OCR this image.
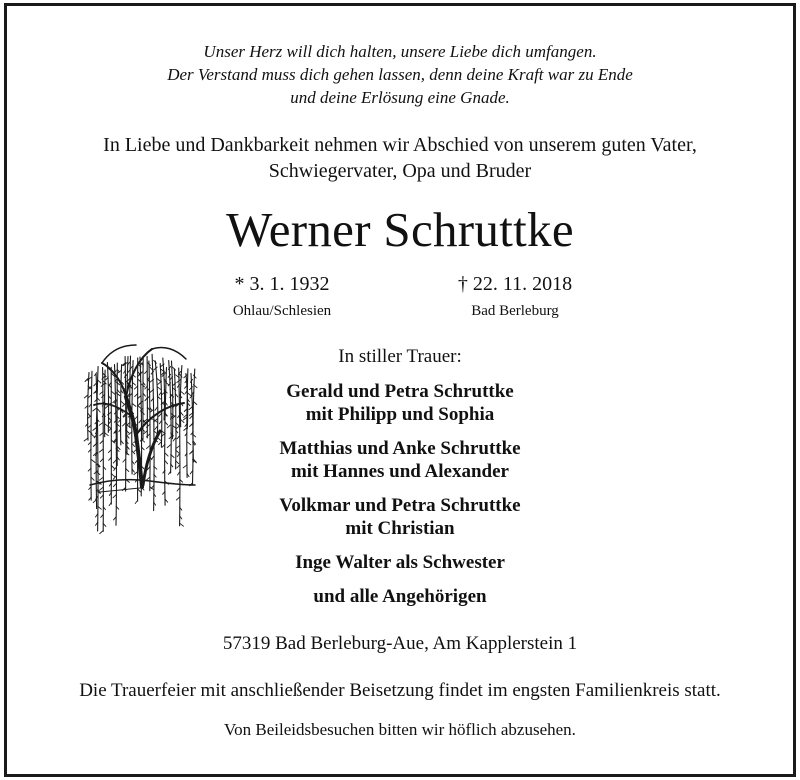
Unser Herz will dich halten, unsere Liebe dich umfangen.
Der Verstand muss dich gehen lassen, denn deine Kraft war zu Ende
und deine Erlösung eine Gnade.
In Liebe und Dankbarkeit nehmen wir Abschied von unserem guten Vater,
Schwiegervater, Opa und Bruder
Werner Schruttke
* 3. 1. 1932
Ohlau/Schlesien
† 22. 11. 2018
Bad Berleburg
In stiller Trauer:
Gerald und Petra Schruttke
mit Philipp und Sophia
Matthias und Anke Schruttke
mit Hannes und Alexander
Volkmar und Petra Schruttke
mit Christian
Inge Walter als Schwester
und alle Angehörigen
57319 Bad Berleburg-Aue, Am Kapplerstein 1
Die Trauerfeier mit anschließender Beisetzung findet im engsten Familienkreis statt.
Von Beileidsbesuchen bitten wir höflich abzusehen.
